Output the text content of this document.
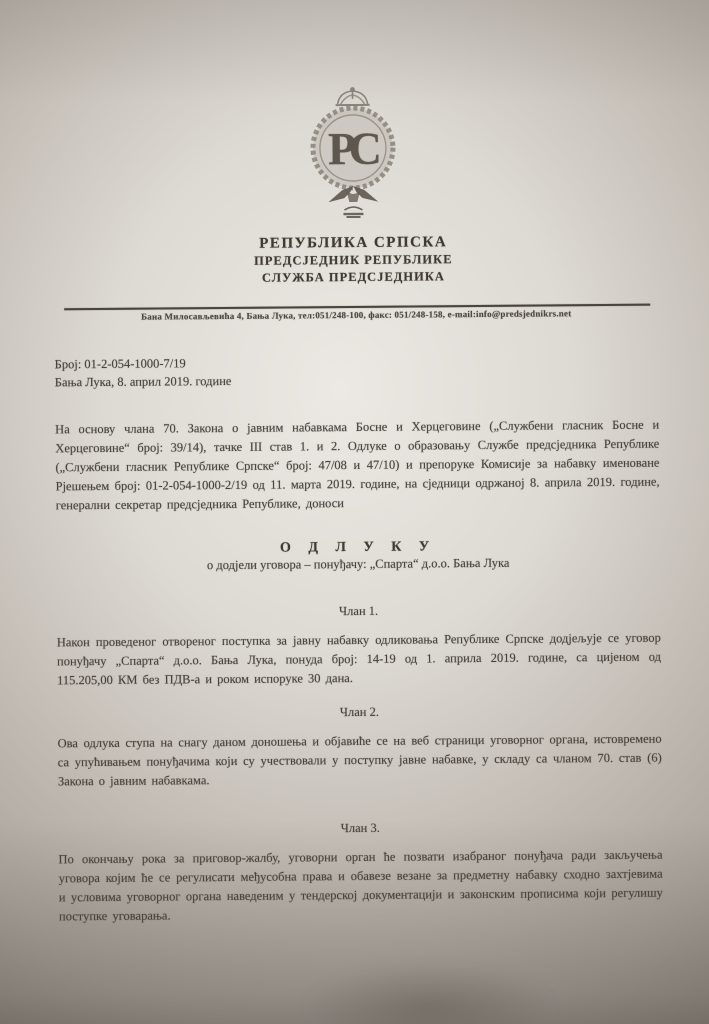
РС
РЕПУБЛИКА СРПСКА
ПРЕДСЈЕДНИК РЕПУБЛИКЕ
СЛУЖБА ПРЕДСЈЕДНИКА
Бана Милосављевића 4, Бања Лука, тел:051/248-100, факс: 051/248-158, e-mail:info@predsjednikrs.net
Број: 01-2-054-1000-7/19
Бања Лука, 8. април 2019. године

На основу члана 70. Закона о јавним набавкама Босне и Херцеговине („Службени гласник Босне и Херцеговине“ број: 39/14), тачке III став 1. и 2. Одлуке о образовању Службе предсједника Републике („Службени гласник Републике Српске“ број: 47/08 и 47/10) и препоруке Комисије за набавку именоване Рјешењем број: 01-2-054-1000-2/19 од 11. марта 2019. године, на сједници одржаној 8. априла 2019. године, генерални секретар предсједника Републике, доноси

О Д Л У К У
о додјели уговора – понуђачу: „Спарта“ д.о.о. Бања Лука
Члан 1.

Након проведеног отвореног поступка за јавну набавку одликовања Републике Српске додјељује се уговор понуђачу „Спарта“ д.о.о. Бања Лука, понуда број: 14-19 од 1. априла 2019. године, са цијеном од 115.205,00 КМ без ПДВ-а и роком испоруке 30 дана.

Члан 2.

Ова одлука ступа на снагу даном доношења и објавиће се на веб страници уговорног органа, истовремено са упућивањем понуђачима који су учествовали у поступку јавне набавке, у складу са чланом 70. став (6) Закона о јавним набавкама.

Члан 3.

По окончању рока за приговор-жалбу, уговорни орган ће позвати изабраног понуђача ради закључења уговора којим ће се регулисати међусобна права и обавезе везане за предметну набавку сходно захтјевима и условима уговорног органа наведеним у тендерској документацији и законским прописима који регулишу поступке уговарања.
